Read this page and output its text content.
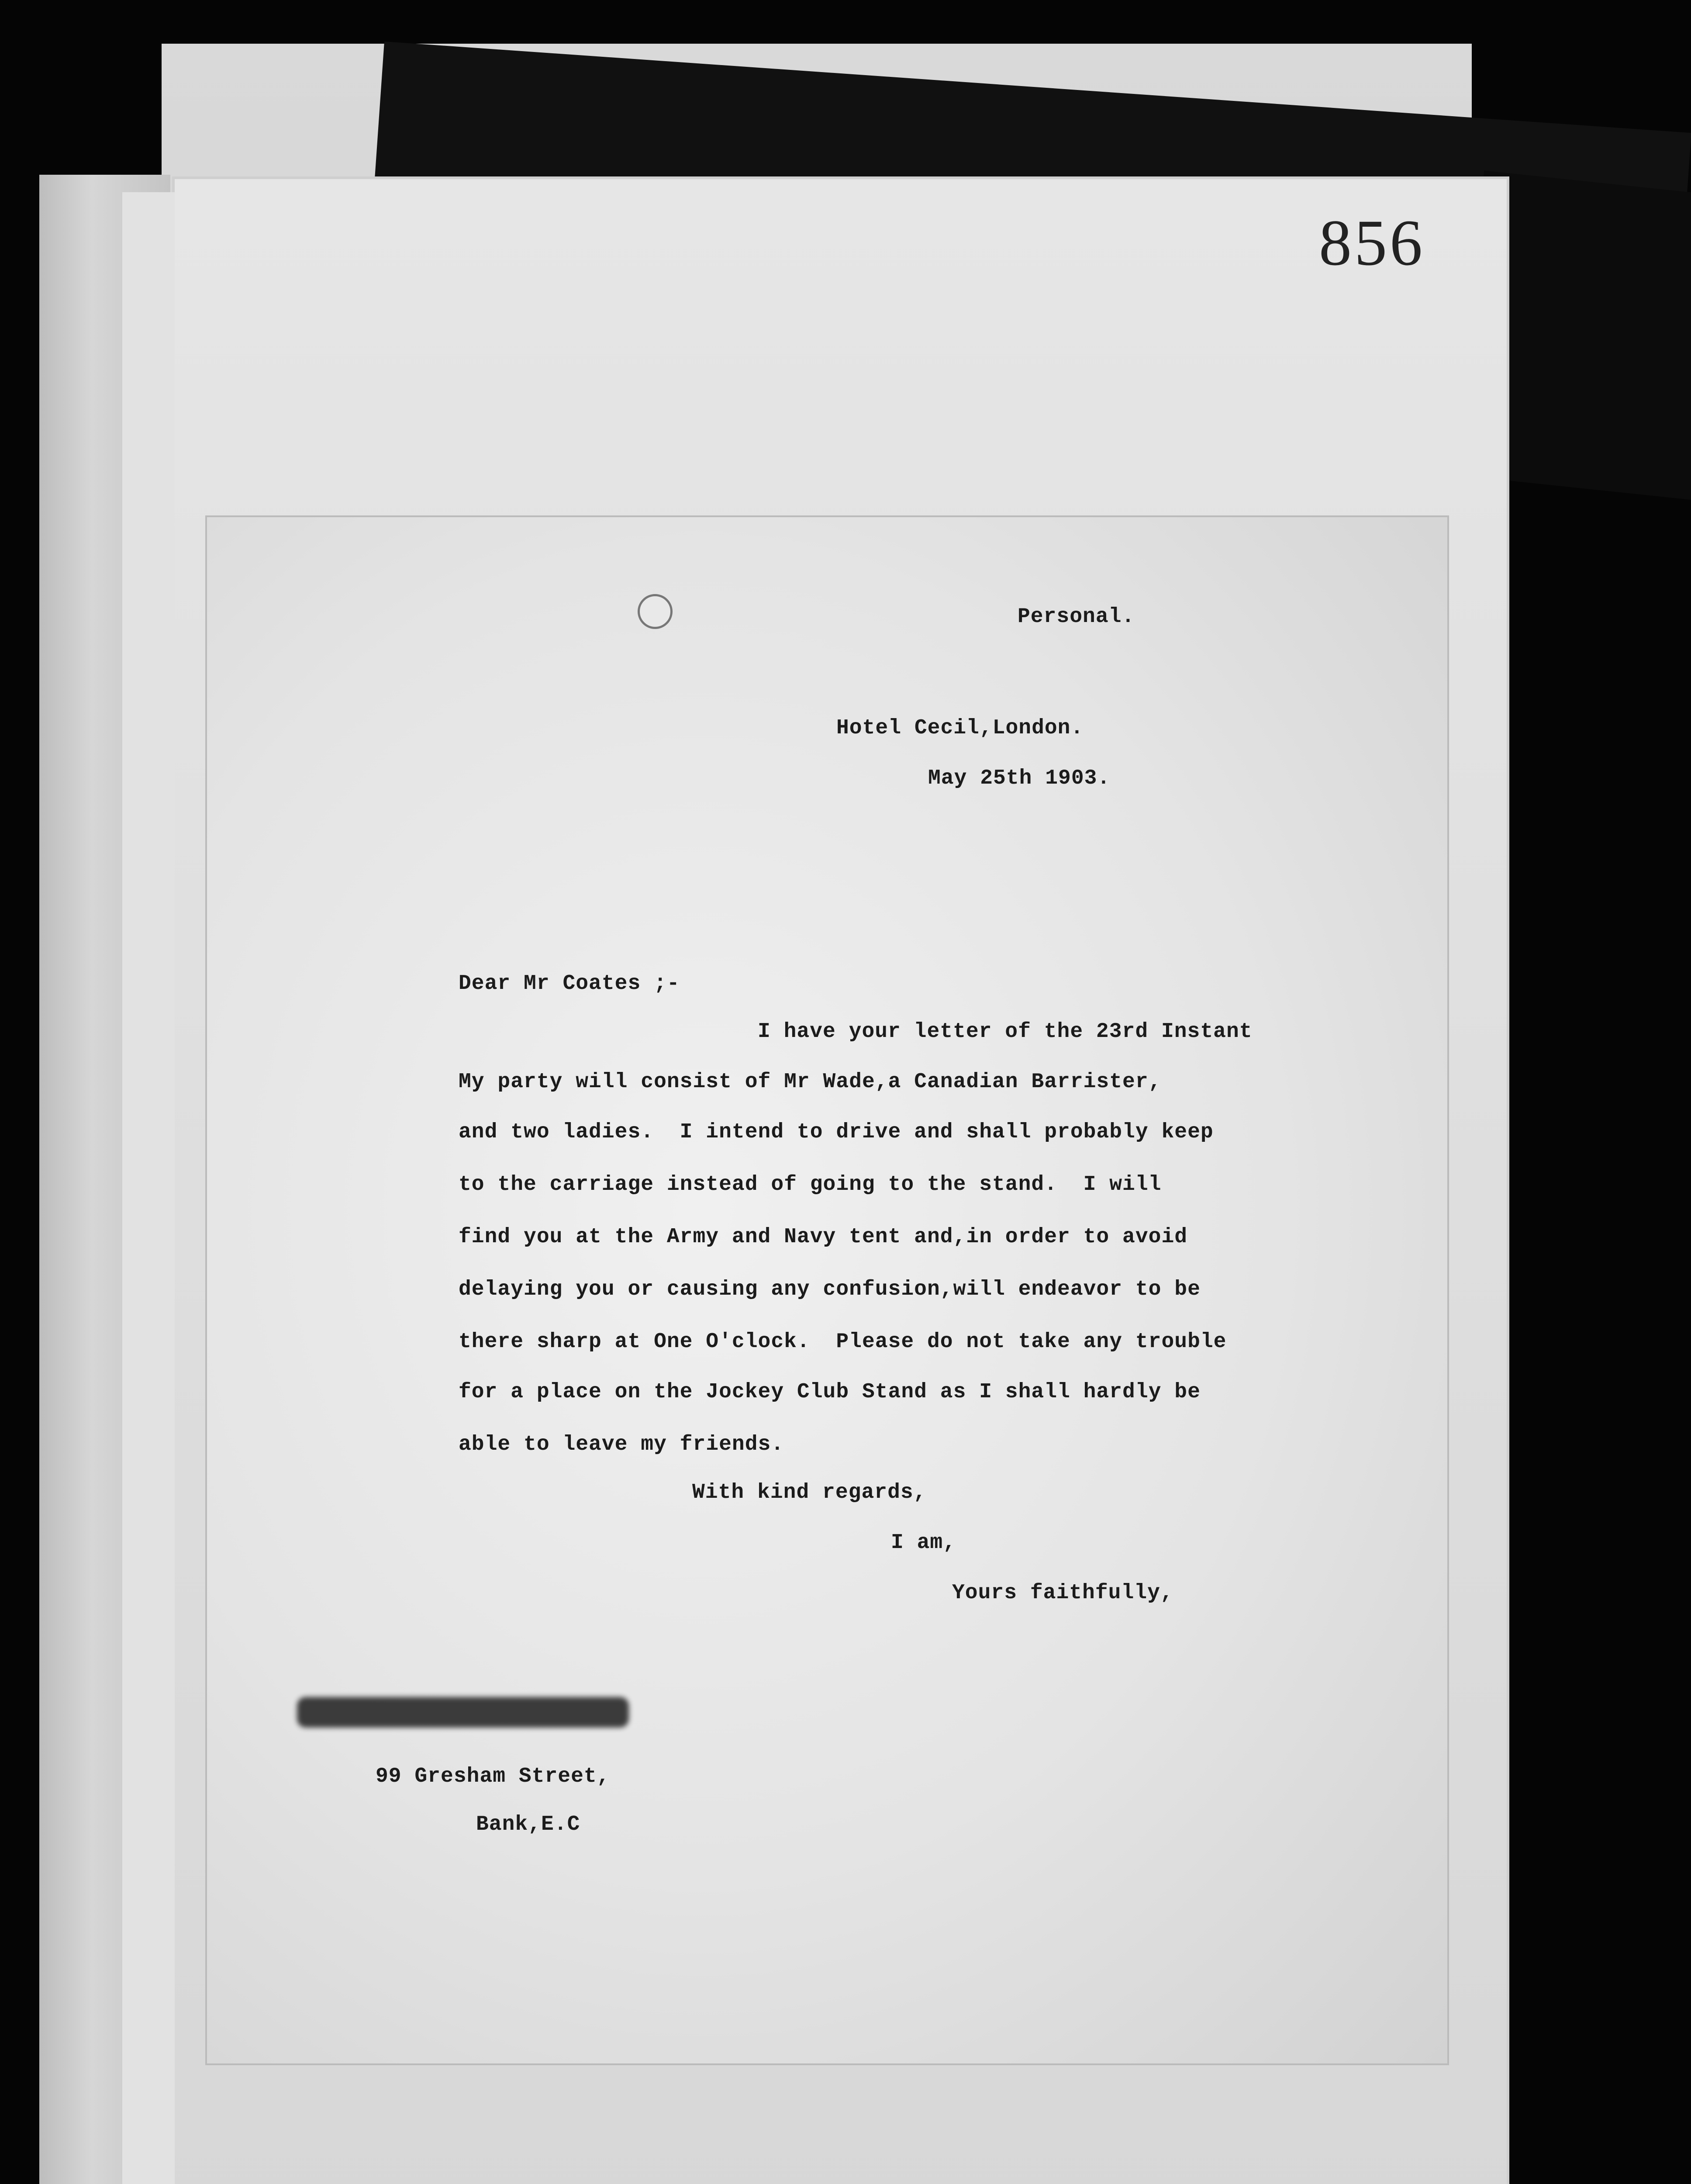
856
Personal.
Hotel Cecil,London.
May 25th 1903.
Dear Mr Coates ;-
I have your letter of the 23rd Instant
My party will consist of Mr Wade,a Canadian Barrister,
and two ladies.  I intend to drive and shall probably keep
to the carriage instead of going to the stand.  I will
find you at the Army and Navy tent and,in order to avoid
delaying you or causing any confusion,will endeavor to be
there sharp at One O'clock.  Please do not take any trouble
for a place on the Jockey Club Stand as I shall hardly be
able to leave my friends.
With kind regards,
I am,
Yours faithfully,
99 Gresham Street,
Bank,E.C
